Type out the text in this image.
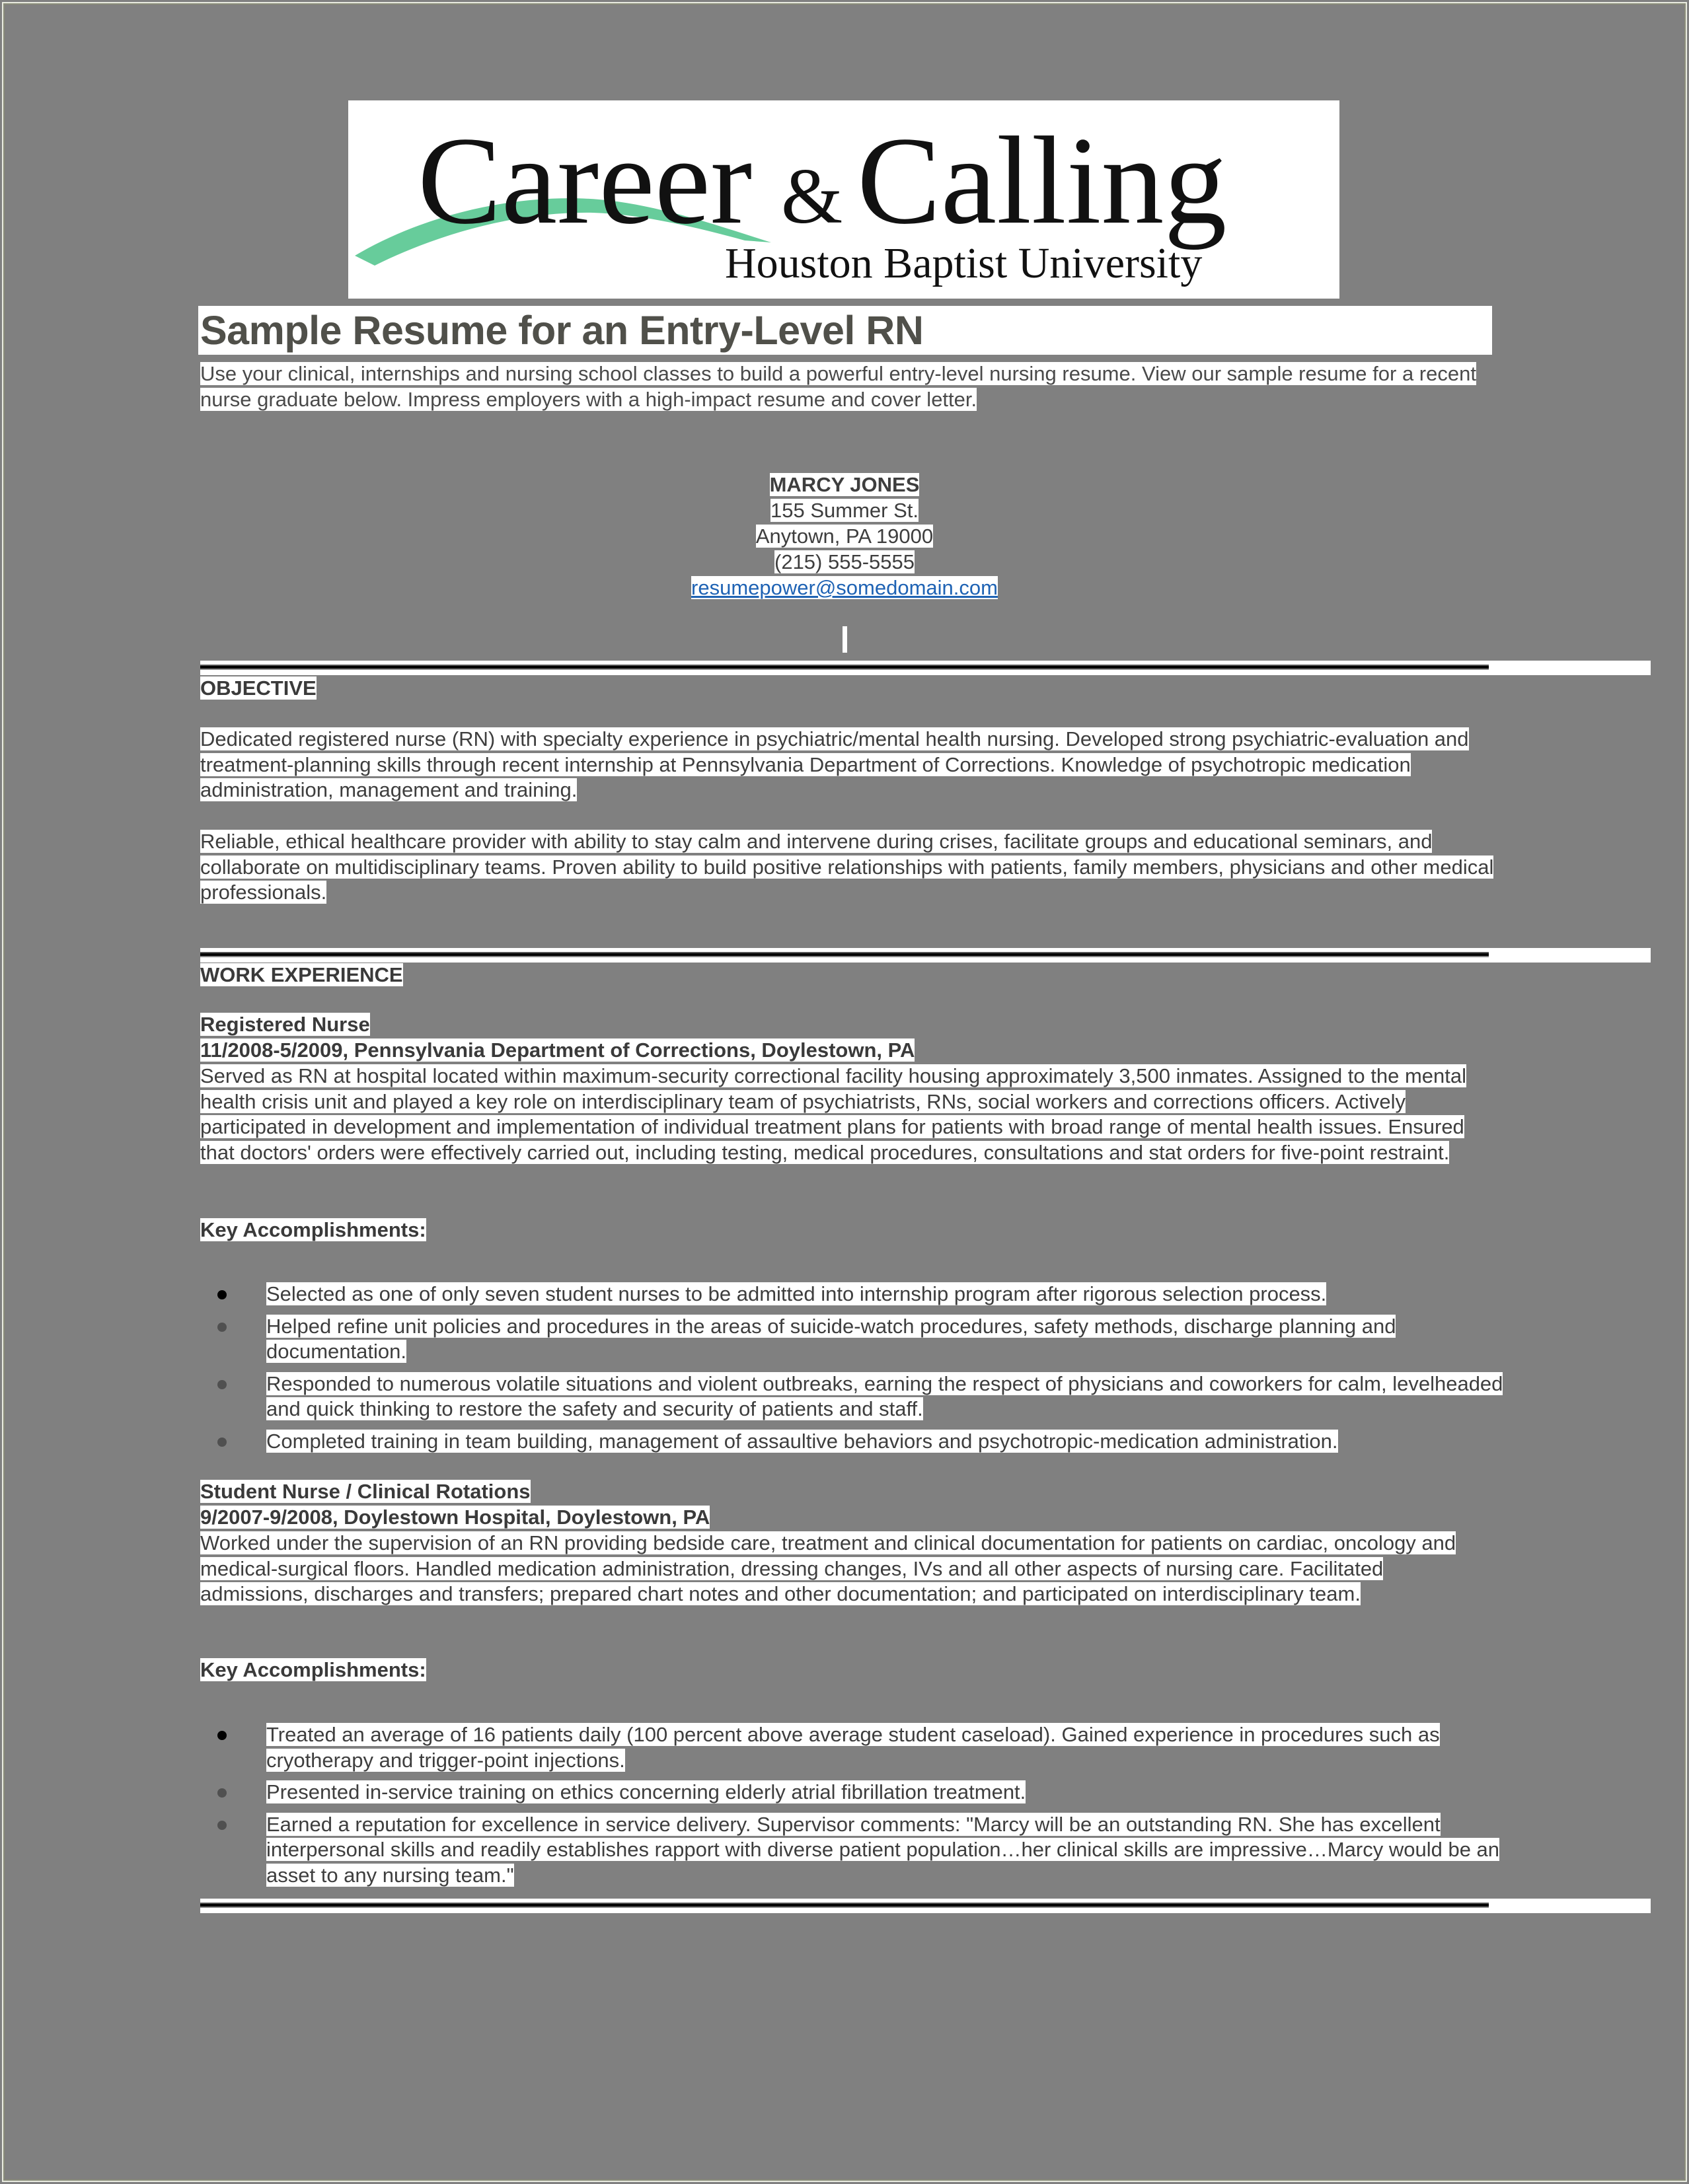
Career & Calling
Houston Baptist University
Sample Resume for an Entry-Level RN
Use your clinical, internships and nursing school classes to build a powerful entry-level nursing resume. View our sample resume for a recent nurse graduate below. Impress employers with a high-impact resume and cover letter.
MARCY JONES
155 Summer St.
Anytown, PA 19000
(215) 555-5555
resumepower@somedomain.com
OBJECTIVE
Dedicated registered nurse (RN) with specialty experience in psychiatric/mental health nursing. Developed strong psychiatric-evaluation and treatment-planning skills through recent internship at Pennsylvania Department of Corrections. Knowledge of psychotropic medication administration, management and training.
Reliable, ethical healthcare provider with ability to stay calm and intervene during crises, facilitate groups and educational seminars, and collaborate on multidisciplinary teams. Proven ability to build positive relationships with patients, family members, physicians and other medical professionals.
WORK EXPERIENCE
Registered Nurse
11/2008-5/2009, Pennsylvania Department of Corrections, Doylestown, PA
Served as RN at hospital located within maximum-security correctional facility housing approximately 3,500 inmates. Assigned to the mental health crisis unit and played a key role on interdisciplinary team of psychiatrists, RNs, social workers and corrections officers. Actively participated in development and implementation of individual treatment plans for patients with broad range of mental health issues. Ensured that doctors' orders were effectively carried out, including testing, medical procedures, consultations and stat orders for five-point restraint.
Key Accomplishments:
Selected as one of only seven student nurses to be admitted into internship program after rigorous selection process.
Helped refine unit policies and procedures in the areas of suicide-watch procedures, safety methods, discharge planning and documentation.
Responded to numerous volatile situations and violent outbreaks, earning the respect of physicians and coworkers for calm, levelheaded and quick thinking to restore the safety and security of patients and staff.
Completed training in team building, management of assaultive behaviors and psychotropic-medication administration.
Student Nurse / Clinical Rotations
9/2007-9/2008, Doylestown Hospital, Doylestown, PA
Worked under the supervision of an RN providing bedside care, treatment and clinical documentation for patients on cardiac, oncology and medical-surgical floors. Handled medication administration, dressing changes, IVs and all other aspects of nursing care. Facilitated admissions, discharges and transfers; prepared chart notes and other documentation; and participated on interdisciplinary team.
Key Accomplishments:
Treated an average of 16 patients daily (100 percent above average student caseload). Gained experience in procedures such as cryotherapy and trigger-point injections.
Presented in-service training on ethics concerning elderly atrial fibrillation treatment.
Earned a reputation for excellence in service delivery. Supervisor comments: "Marcy will be an outstanding RN. She has excellent interpersonal skills and readily establishes rapport with diverse patient population…her clinical skills are impressive…Marcy would be an asset to any nursing team."
